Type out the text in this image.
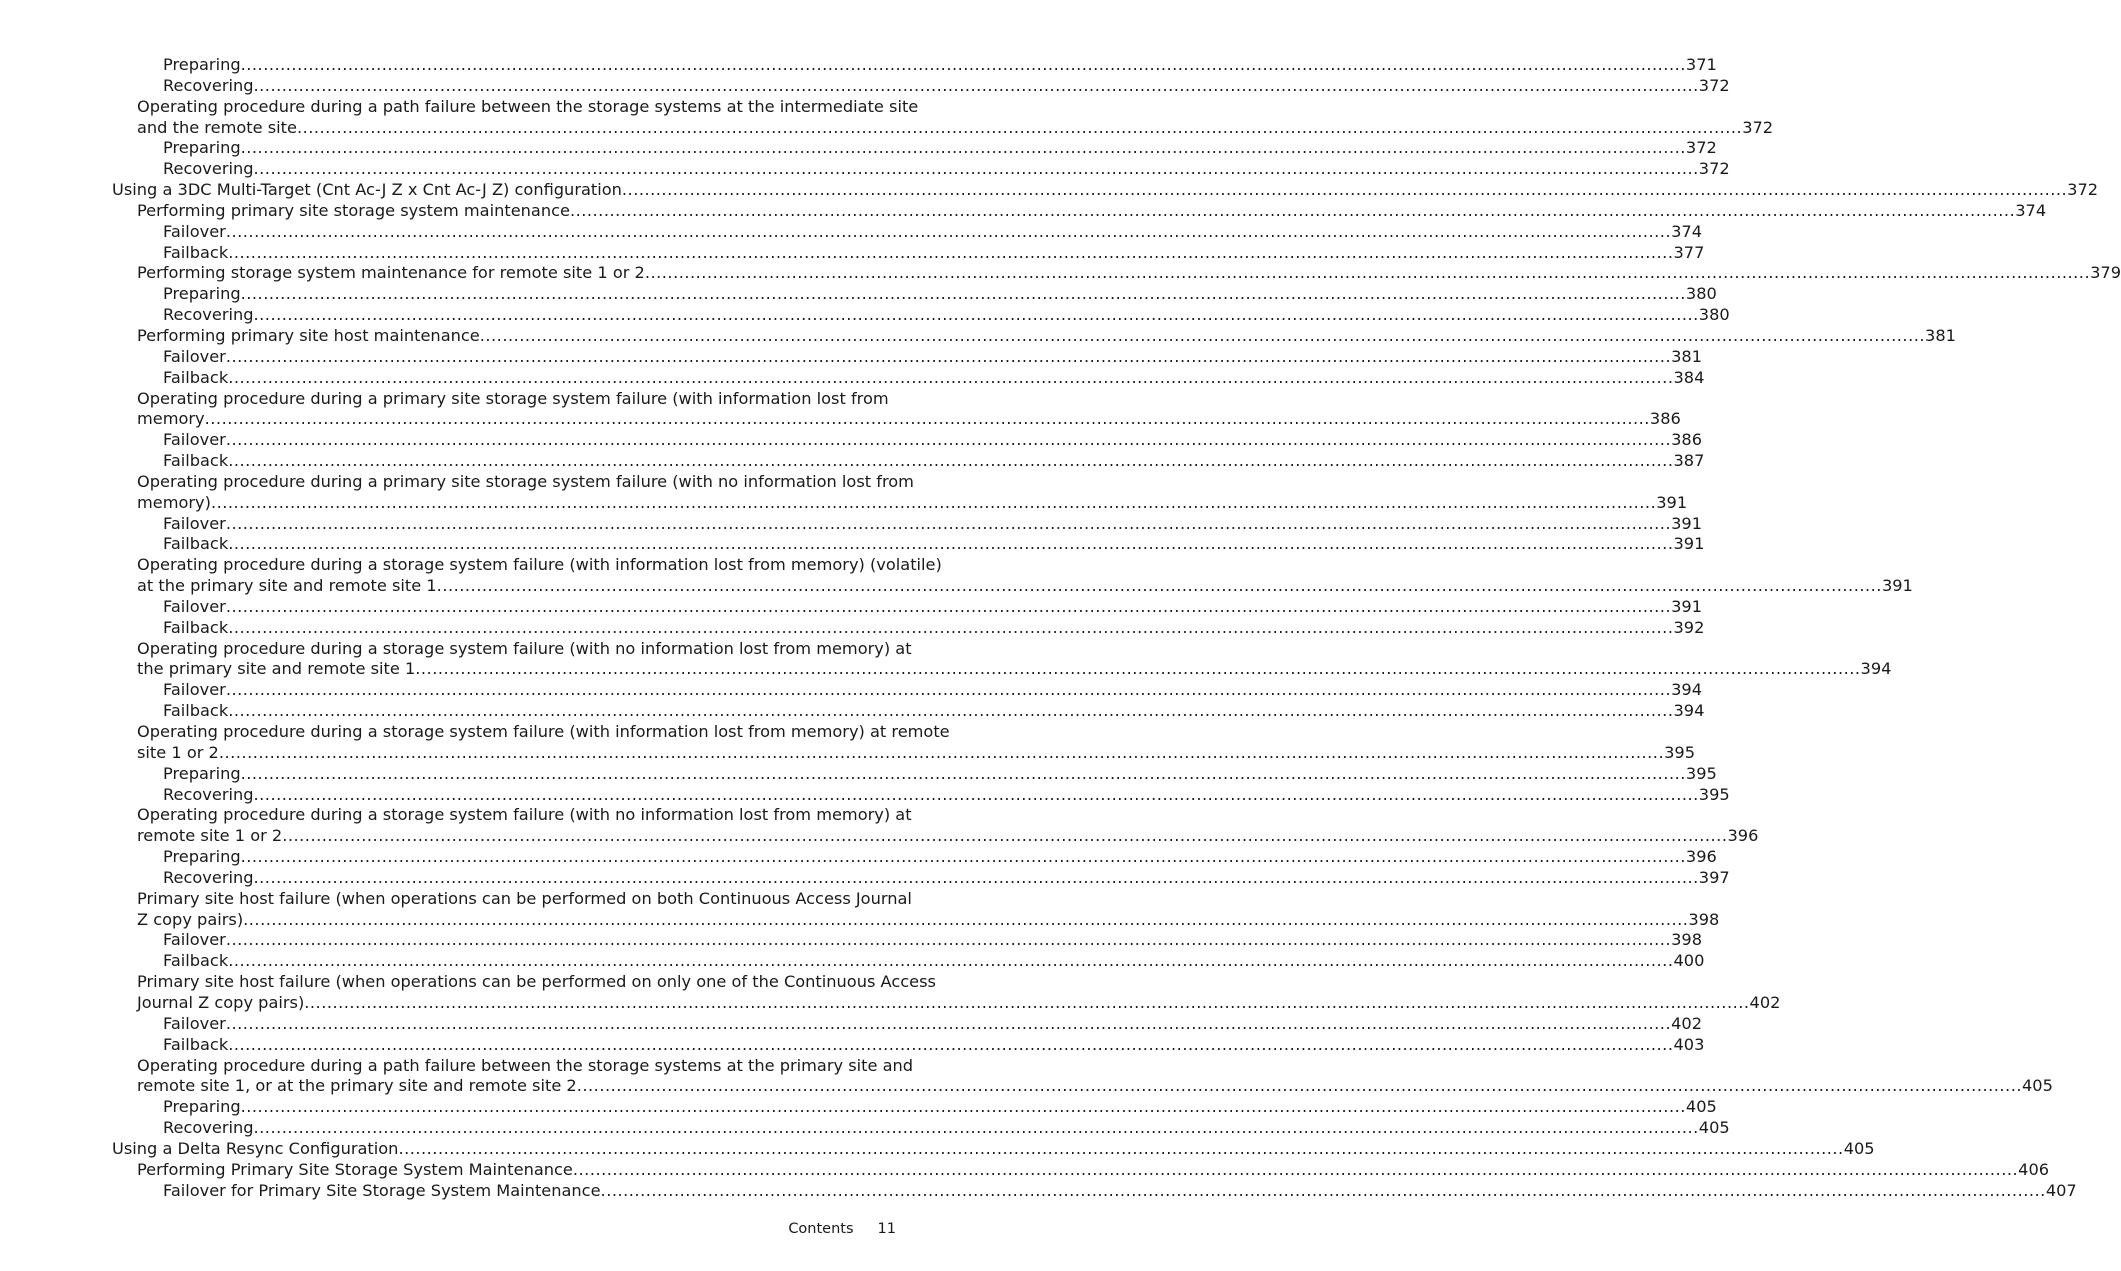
Preparing .....	371
Recovering .....	372
Operating procedure during a path failure between the storage systems at the intermediate site
and the remote site .....	372
Preparing .....	372
Recovering .....	372
Using a 3DC Multi-Target (Cnt Ac-J Z x Cnt Ac-J Z) configuration .....	372
Performing primary site storage system maintenance .....	374
Failover .....	374
Failback .....	377
Performing storage system maintenance for remote site 1 or 2 .....	379
Preparing .....	380
Recovering .....	380
Performing primary site host maintenance .....	381
Failover .....	381
Failback .....	384
Operating procedure during a primary site storage system failure (with information lost from
memory .....	386
Failover .....	386
Failback .....	387
Operating procedure during a primary site storage system failure (with no information lost from
memory) .....	391
Failover .....	391
Failback .....	391
Operating procedure during a storage system failure (with information lost from memory) (volatile)
at the primary site and remote site 1 .....	391
Failover .....	391
Failback .....	392
Operating procedure during a storage system failure (with no information lost from memory) at
the primary site and remote site 1 .....	394
Failover .....	394
Failback .....	394
Operating procedure during a storage system failure (with information lost from memory) at remote
site 1 or 2 .....	395
Preparing .....	395
Recovering .....	395
Operating procedure during a storage system failure (with no information lost from memory) at
remote site 1 or 2 .....	396
Preparing .....	396
Recovering .....	397
Primary site host failure (when operations can be performed on both Continuous Access Journal
Z copy pairs) .....	398
Failover .....	398
Failback .....	400
Primary site host failure (when operations can be performed on only one of the Continuous Access
Journal Z copy pairs) .....	402
Failover .....	402
Failback .....	403
Operating procedure during a path failure between the storage systems at the primary site and
remote site 1, or at the primary site and remote site 2 .....	405
Preparing .....	405
Recovering .....	405
Using a Delta Resync Configuration .....	405
Performing Primary Site Storage System Maintenance .....	406
Failover for Primary Site Storage System Maintenance .....	407
Contents 11
